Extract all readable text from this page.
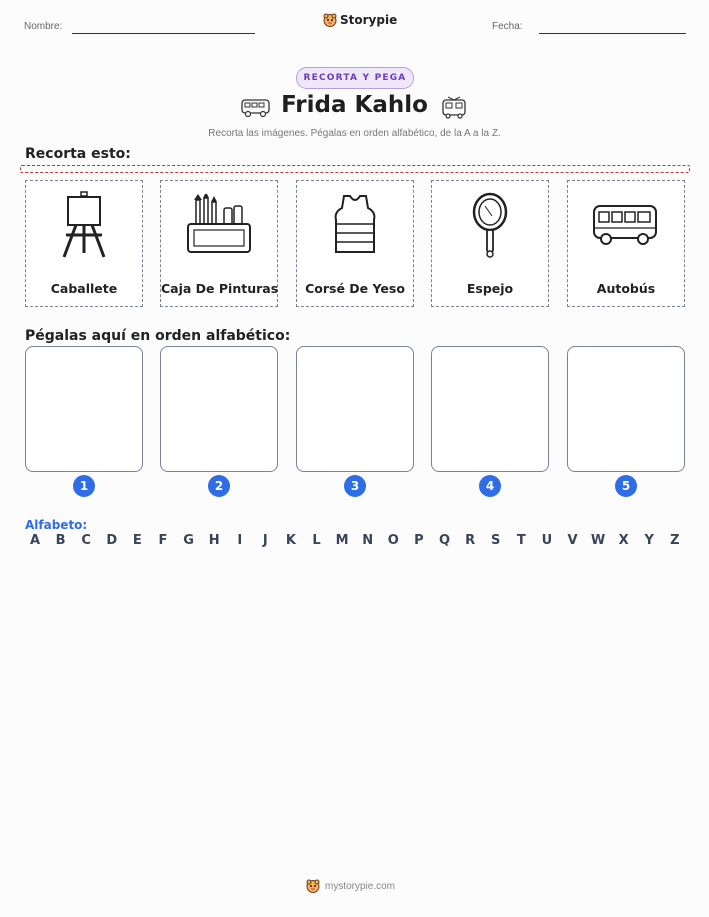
Nombre:	Storypie	Fecha:
RECORTA Y PEGA
Frida Kahlo
Recorta las imágenes. Pégalas en orden alfabético, de la A a la Z.
Recorta esto:
Caballete	Caja De Pinturas	Corsé De Yeso	Espejo	Autobús
Pégalas aquí en orden alfabético:
1	2	3	4	5
Alfabeto:
A	B	C	D	E	F	G	H	I	J	K	L	M	N	O	P	Q	R	S	T	U	V	W	X	Y	Z
mystorypie.com
